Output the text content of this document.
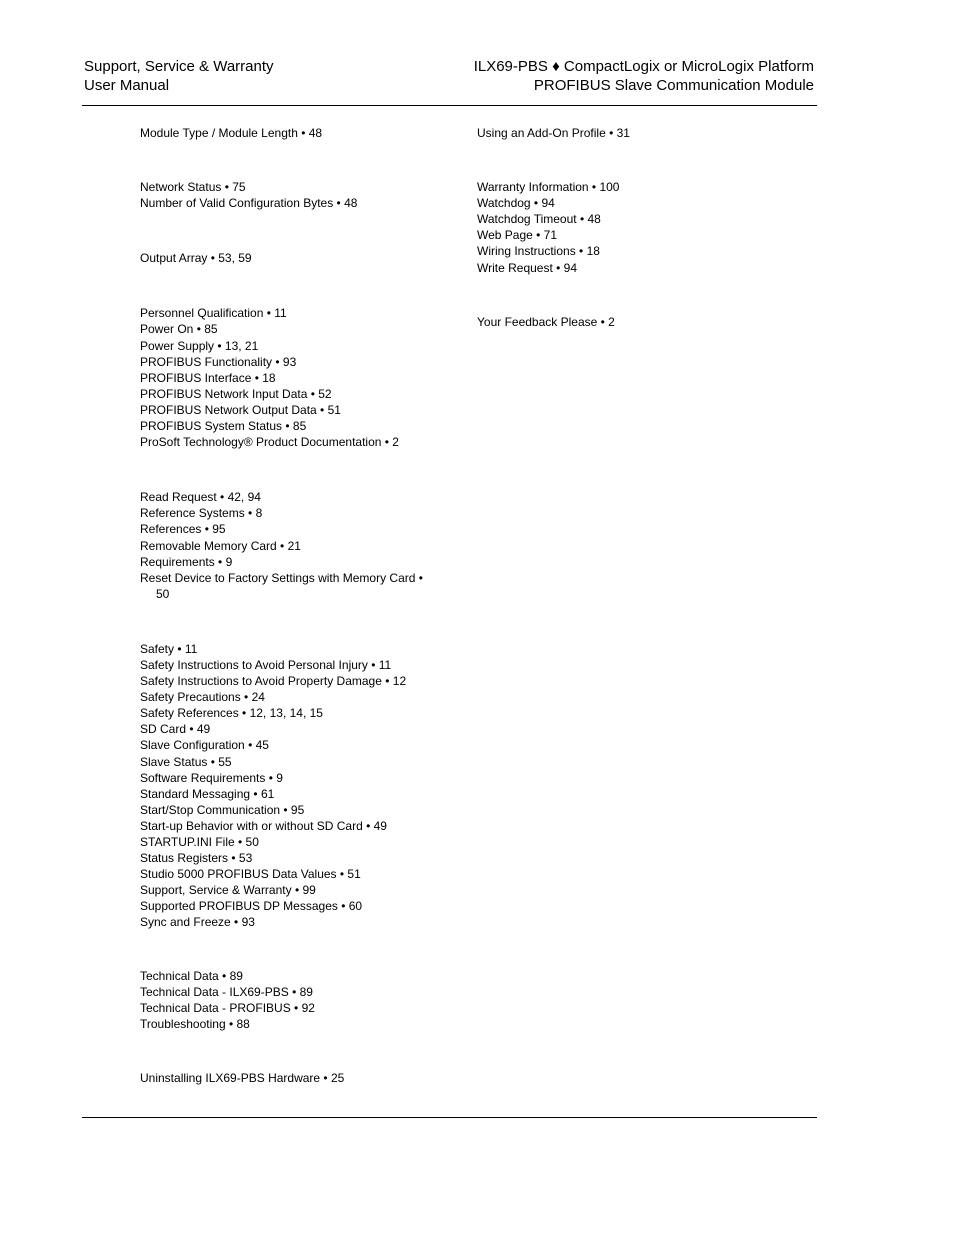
Support, Service & Warranty
User Manual
ILX69-PBS ♦ CompactLogix or MicroLogix Platform
PROFIBUS Slave Communication Module
Module Type / Module Length • 48
Network Status • 75
Number of Valid Configuration Bytes • 48
Output Array • 53, 59
Personnel Qualification • 11
Power On • 85
Power Supply • 13, 21
PROFIBUS Functionality • 93
PROFIBUS Interface • 18
PROFIBUS Network Input Data • 52
PROFIBUS Network Output Data • 51
PROFIBUS System Status • 85
ProSoft Technology® Product Documentation • 2
Read Request • 42, 94
Reference Systems • 8
References • 95
Removable Memory Card • 21
Requirements • 9
Reset Device to Factory Settings with Memory Card •
50
Safety • 11
Safety Instructions to Avoid Personal Injury • 11
Safety Instructions to Avoid Property Damage • 12
Safety Precautions • 24
Safety References • 12, 13, 14, 15
SD Card • 49
Slave Configuration • 45
Slave Status • 55
Software Requirements • 9
Standard Messaging • 61
Start/Stop Communication • 95
Start-up Behavior with or without SD Card • 49
STARTUP.INI File • 50
Status Registers • 53
Studio 5000 PROFIBUS Data Values • 51
Support, Service & Warranty • 99
Supported PROFIBUS DP Messages • 60
Sync and Freeze • 93
Technical Data • 89
Technical Data - ILX69-PBS • 89
Technical Data - PROFIBUS • 92
Troubleshooting • 88
Uninstalling ILX69-PBS Hardware • 25
Using an Add-On Profile • 31
Warranty Information • 100
Watchdog • 94
Watchdog Timeout • 48
Web Page • 71
Wiring Instructions • 18
Write Request • 94
Your Feedback Please • 2
